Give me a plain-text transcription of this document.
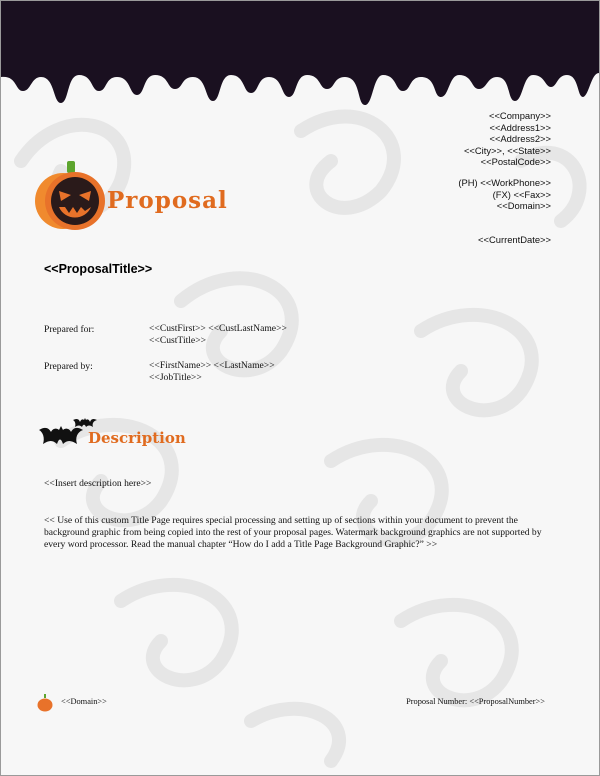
<<Company>>
<<Address1>>
<<Address2>>
<<City>>, <<State>>
<<PostalCode>>
(PH) <<WorkPhone>>
(FX) <<Fax>>
<<Domain>>
<<CurrentDate>>
Proposal
<<ProposalTitle>>
Prepared for:	<<CustFirst>> <<CustLastName>>
<<CustTitle>>
Prepared by:	<<FirstName>> <<LastName>>
<<JobTitle>>
Description
<<Insert description here>>
<< Use of this custom Title Page requires special processing and setting up of sections within your document to prevent the background graphic from being copied into the rest of your proposal pages. Watermark background graphics are not supported by every word processor. Read the manual chapter “How do I add a Title Page Background Graphic?” >>
<<Domain>>	Proposal Number: <<ProposalNumber>>
